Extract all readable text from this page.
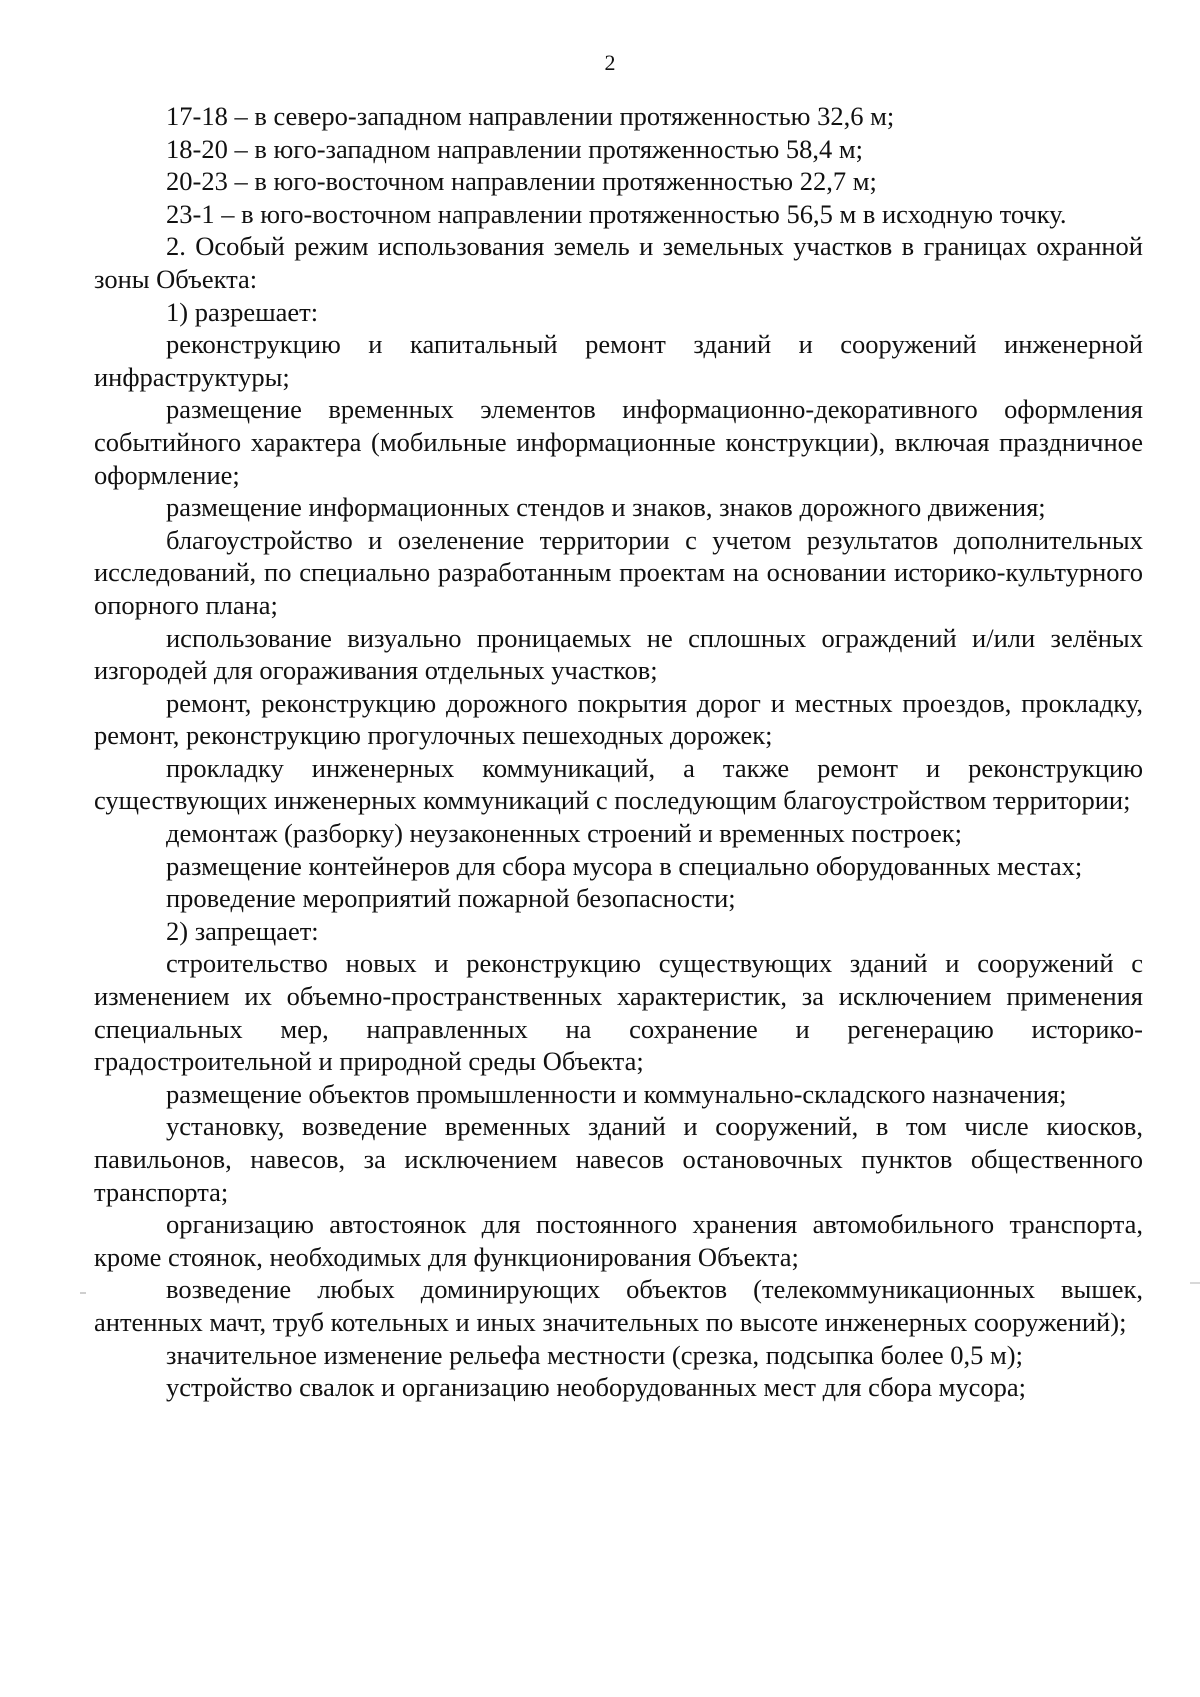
2

17-18 – в северо-западном направлении протяженностью 32,6 м;

18-20 – в юго-западном направлении протяженностью 58,4 м;

20-23 – в юго-восточном направлении протяженностью 22,7 м;

23-1 – в юго-восточном направлении протяженностью 56,5 м в исходную точку.

2. Особый режим использования земель и земельных участков в границах охранной зоны Объекта:

1) разрешает:

реконструкцию и капитальный ремонт зданий и сооружений инженерной инфраструктуры;

размещение временных элементов информационно-декоративного оформления событийного характера (мобильные информационные конструкции), включая праздничное оформление;

размещение информационных стендов и знаков, знаков дорожного движения;

благоустройство и озеленение территории с учетом результатов дополнительных исследований, по специально разработанным проектам на основании историко-культурного опорного плана;

использование визуально проницаемых не сплошных ограждений и/или зелёных изгородей для огораживания отдельных участков;

ремонт, реконструкцию дорожного покрытия дорог и местных проездов, прокладку, ремонт, реконструкцию прогулочных пешеходных дорожек;

прокладку инженерных коммуникаций, а также ремонт и реконструкцию существующих инженерных коммуникаций с последующим благоустройством территории;

демонтаж (разборку) неузаконенных строений и временных построек;

размещение контейнеров для сбора мусора в специально оборудованных местах;

проведение мероприятий пожарной безопасности;

2) запрещает:

строительство новых и реконструкцию существующих зданий и сооружений с изменением их объемно-пространственных характеристик, за исключением применения специальных мер, направленных на сохранение и регенерацию историко-градостроительной и природной среды Объекта;

размещение объектов промышленности и коммунально-складского назначения;

установку, возведение временных зданий и сооружений, в том числе киосков, павильонов, навесов, за исключением навесов остановочных пунктов общественного транспорта;

организацию автостоянок для постоянного хранения автомобильного транспорта, кроме стоянок, необходимых для функционирования Объекта;

возведение любых доминирующих объектов (телекоммуникационных вышек, антенных мачт, труб котельных и иных значительных по высоте инженерных сооружений);

значительное изменение рельефа местности (срезка, подсыпка более 0,5 м);

устройство свалок и организацию необорудованных мест для сбора мусора;
